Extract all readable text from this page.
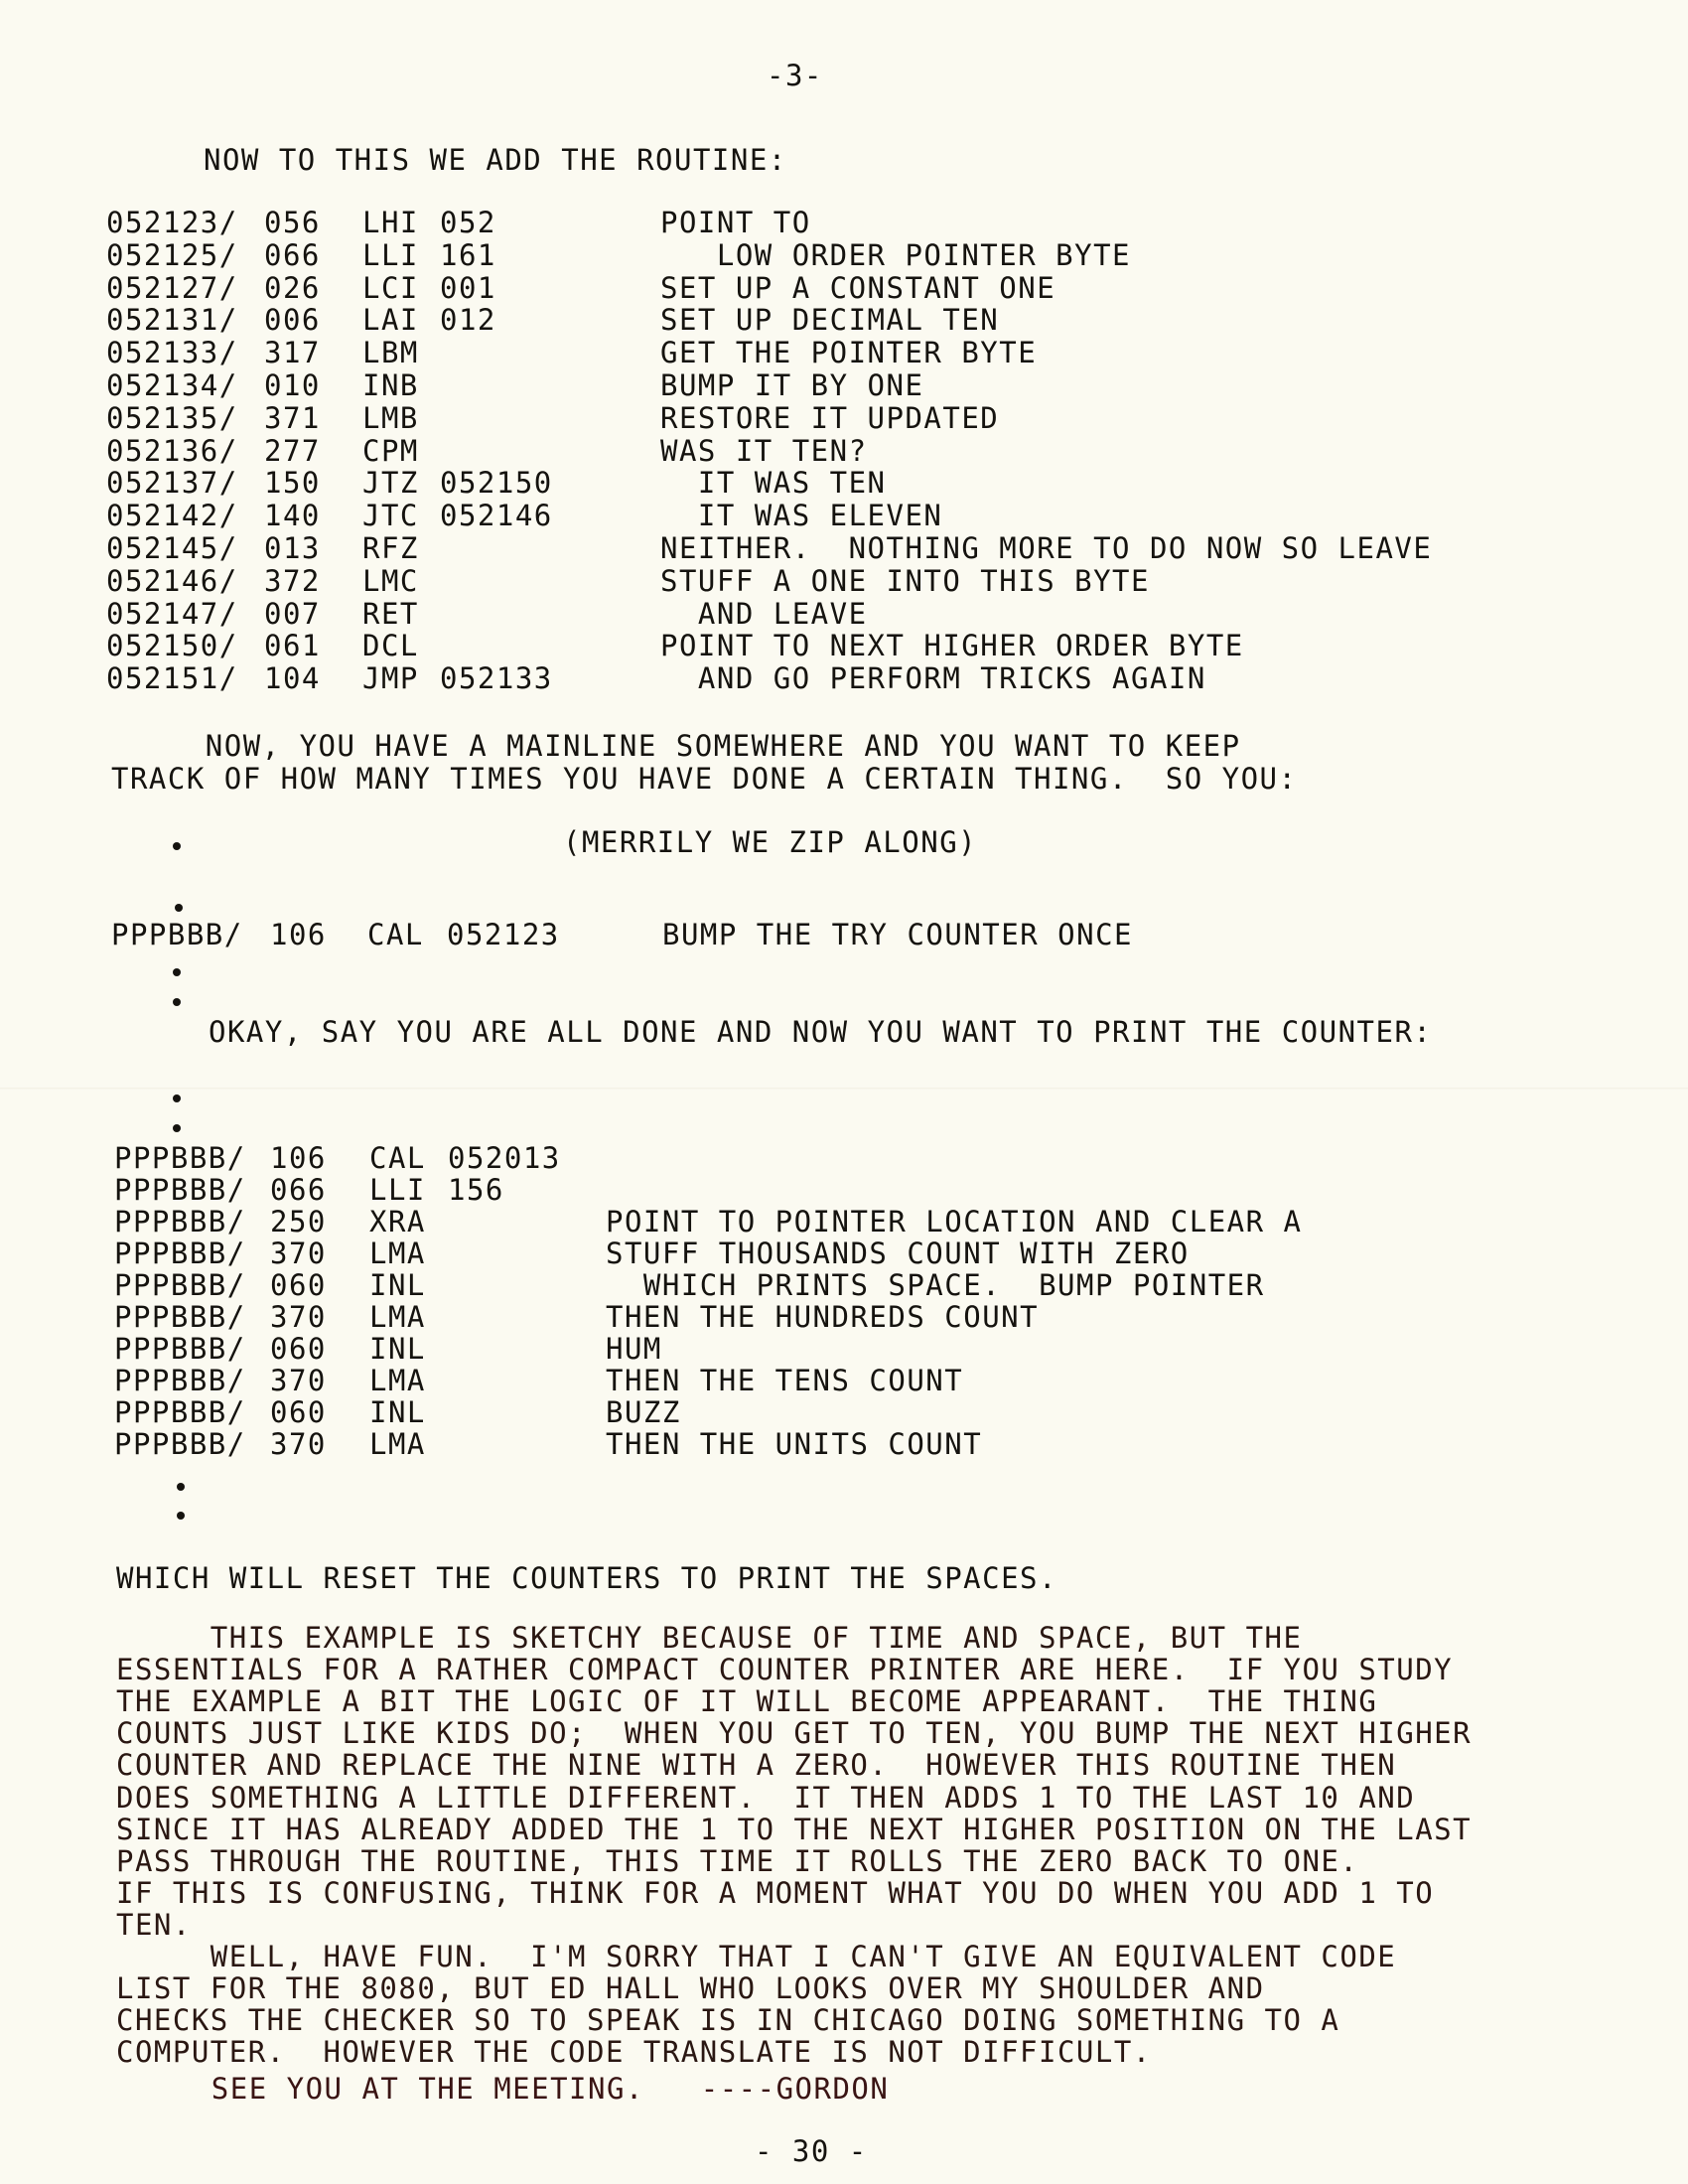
-3-
NOW TO THIS WE ADD THE ROUTINE:
052123/ 056 LHI 052	POINT TO
052125/ 066 LLI 161	LOW ORDER POINTER BYTE
052127/ 026 LCI 001	SET UP A CONSTANT ONE
052131/ 006 LAI 012	SET UP DECIMAL TEN
052133/ 317 LBM	GET THE POINTER BYTE
052134/ 010 INB	BUMP IT BY ONE
052135/ 371 LMB	RESTORE IT UPDATED
052136/ 277 CPM	WAS IT TEN?
052137/ 150 JTZ 052150	IT WAS TEN
052142/ 140 JTC 052146	IT WAS ELEVEN
052145/ 013 RFZ	NEITHER.  NOTHING MORE TO DO NOW SO LEAVE
052146/ 372 LMC	STUFF A ONE INTO THIS BYTE
052147/ 007 RET	AND LEAVE
052150/ 061 DCL	POINT TO NEXT HIGHER ORDER BYTE
052151/ 104 JMP 052133	AND GO PERFORM TRICKS AGAIN
NOW, YOU HAVE A MAINLINE SOMEWHERE AND YOU WANT TO KEEP
TRACK OF HOW MANY TIMES YOU HAVE DONE A CERTAIN THING.  SO YOU:
(MERRILY WE ZIP ALONG)
PPPBBB/ 106 CAL 052123	BUMP THE TRY COUNTER ONCE
OKAY, SAY YOU ARE ALL DONE AND NOW YOU WANT TO PRINT THE COUNTER:
PPPBBB/ 106 CAL 052013
PPPBBB/ 066 LLI 156
PPPBBB/ 250 XRA	POINT TO POINTER LOCATION AND CLEAR A
PPPBBB/ 370 LMA	STUFF THOUSANDS COUNT WITH ZERO
PPPBBB/ 060 INL	WHICH PRINTS SPACE.  BUMP POINTER
PPPBBB/ 370 LMA	THEN THE HUNDREDS COUNT
PPPBBB/ 060 INL	HUM
PPPBBB/ 370 LMA	THEN THE TENS COUNT
PPPBBB/ 060 INL	BUZZ
PPPBBB/ 370 LMA	THEN THE UNITS COUNT
WHICH WILL RESET THE COUNTERS TO PRINT THE SPACES.
THIS EXAMPLE IS SKETCHY BECAUSE OF TIME AND SPACE, BUT THE
ESSENTIALS FOR A RATHER COMPACT COUNTER PRINTER ARE HERE.  IF YOU STUDY
THE EXAMPLE A BIT THE LOGIC OF IT WILL BECOME APPEARANT.  THE THING
COUNTS JUST LIKE KIDS DO;  WHEN YOU GET TO TEN, YOU BUMP THE NEXT HIGHER
COUNTER AND REPLACE THE NINE WITH A ZERO.  HOWEVER THIS ROUTINE THEN
DOES SOMETHING A LITTLE DIFFERENT.  IT THEN ADDS 1 TO THE LAST 10 AND
SINCE IT HAS ALREADY ADDED THE 1 TO THE NEXT HIGHER POSITION ON THE LAST
PASS THROUGH THE ROUTINE, THIS TIME IT ROLLS THE ZERO BACK TO ONE.
IF THIS IS CONFUSING, THINK FOR A MOMENT WHAT YOU DO WHEN YOU ADD 1 TO
TEN.
WELL, HAVE FUN.  I'M SORRY THAT I CAN'T GIVE AN EQUIVALENT CODE
LIST FOR THE 8080, BUT ED HALL WHO LOOKS OVER MY SHOULDER AND
CHECKS THE CHECKER SO TO SPEAK IS IN CHICAGO DOING SOMETHING TO A
COMPUTER.  HOWEVER THE CODE TRANSLATE IS NOT DIFFICULT.
SEE YOU AT THE MEETING.   ----GORDON
- 30 -
